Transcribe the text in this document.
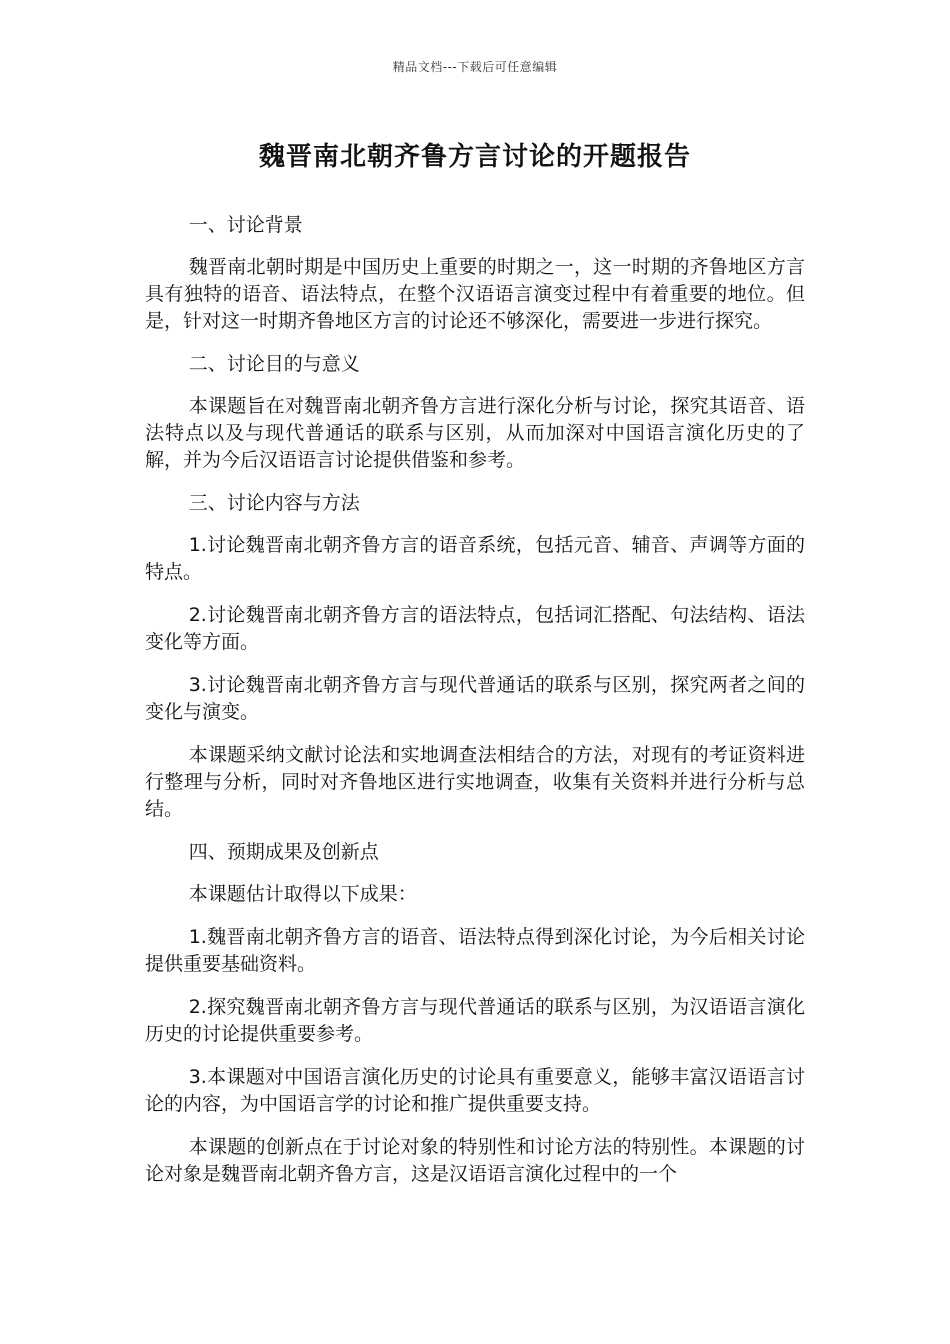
精品文档---下载后可任意编辑
魏晋南北朝齐鲁方言讨论的开题报告

一、讨论背景

魏晋南北朝时期是中国历史上重要的时期之一，这一时期的齐鲁地区方言具有独特的语音、语法特点，在整个汉语语言演变过程中有着重要的地位。但是，针对这一时期齐鲁地区方言的讨论还不够深化，需要进一步进行探究。

二、讨论目的与意义

本课题旨在对魏晋南北朝齐鲁方言进行深化分析与讨论，探究其语音、语法特点以及与现代普通话的联系与区别，从而加深对中国语言演化历史的了解，并为今后汉语语言讨论提供借鉴和参考。

三、讨论内容与方法

1.讨论魏晋南北朝齐鲁方言的语音系统，包括元音、辅音、声调等方面的特点。

2.讨论魏晋南北朝齐鲁方言的语法特点，包括词汇搭配、句法结构、语法变化等方面。

3.讨论魏晋南北朝齐鲁方言与现代普通话的联系与区别，探究两者之间的变化与演变。

本课题采纳文献讨论法和实地调查法相结合的方法，对现有的考证资料进行整理与分析，同时对齐鲁地区进行实地调查，收集有关资料并进行分析与总结。

四、预期成果及创新点

本课题估计取得以下成果：

1.魏晋南北朝齐鲁方言的语音、语法特点得到深化讨论，为今后相关讨论提供重要基础资料。

2.探究魏晋南北朝齐鲁方言与现代普通话的联系与区别，为汉语语言演化历史的讨论提供重要参考。

3.本课题对中国语言演化历史的讨论具有重要意义，能够丰富汉语语言讨论的内容，为中国语言学的讨论和推广提供重要支持。

本课题的创新点在于讨论对象的特别性和讨论方法的特别性。本课题的讨论对象是魏晋南北朝齐鲁方言，这是汉语语言演化过程中的一个
